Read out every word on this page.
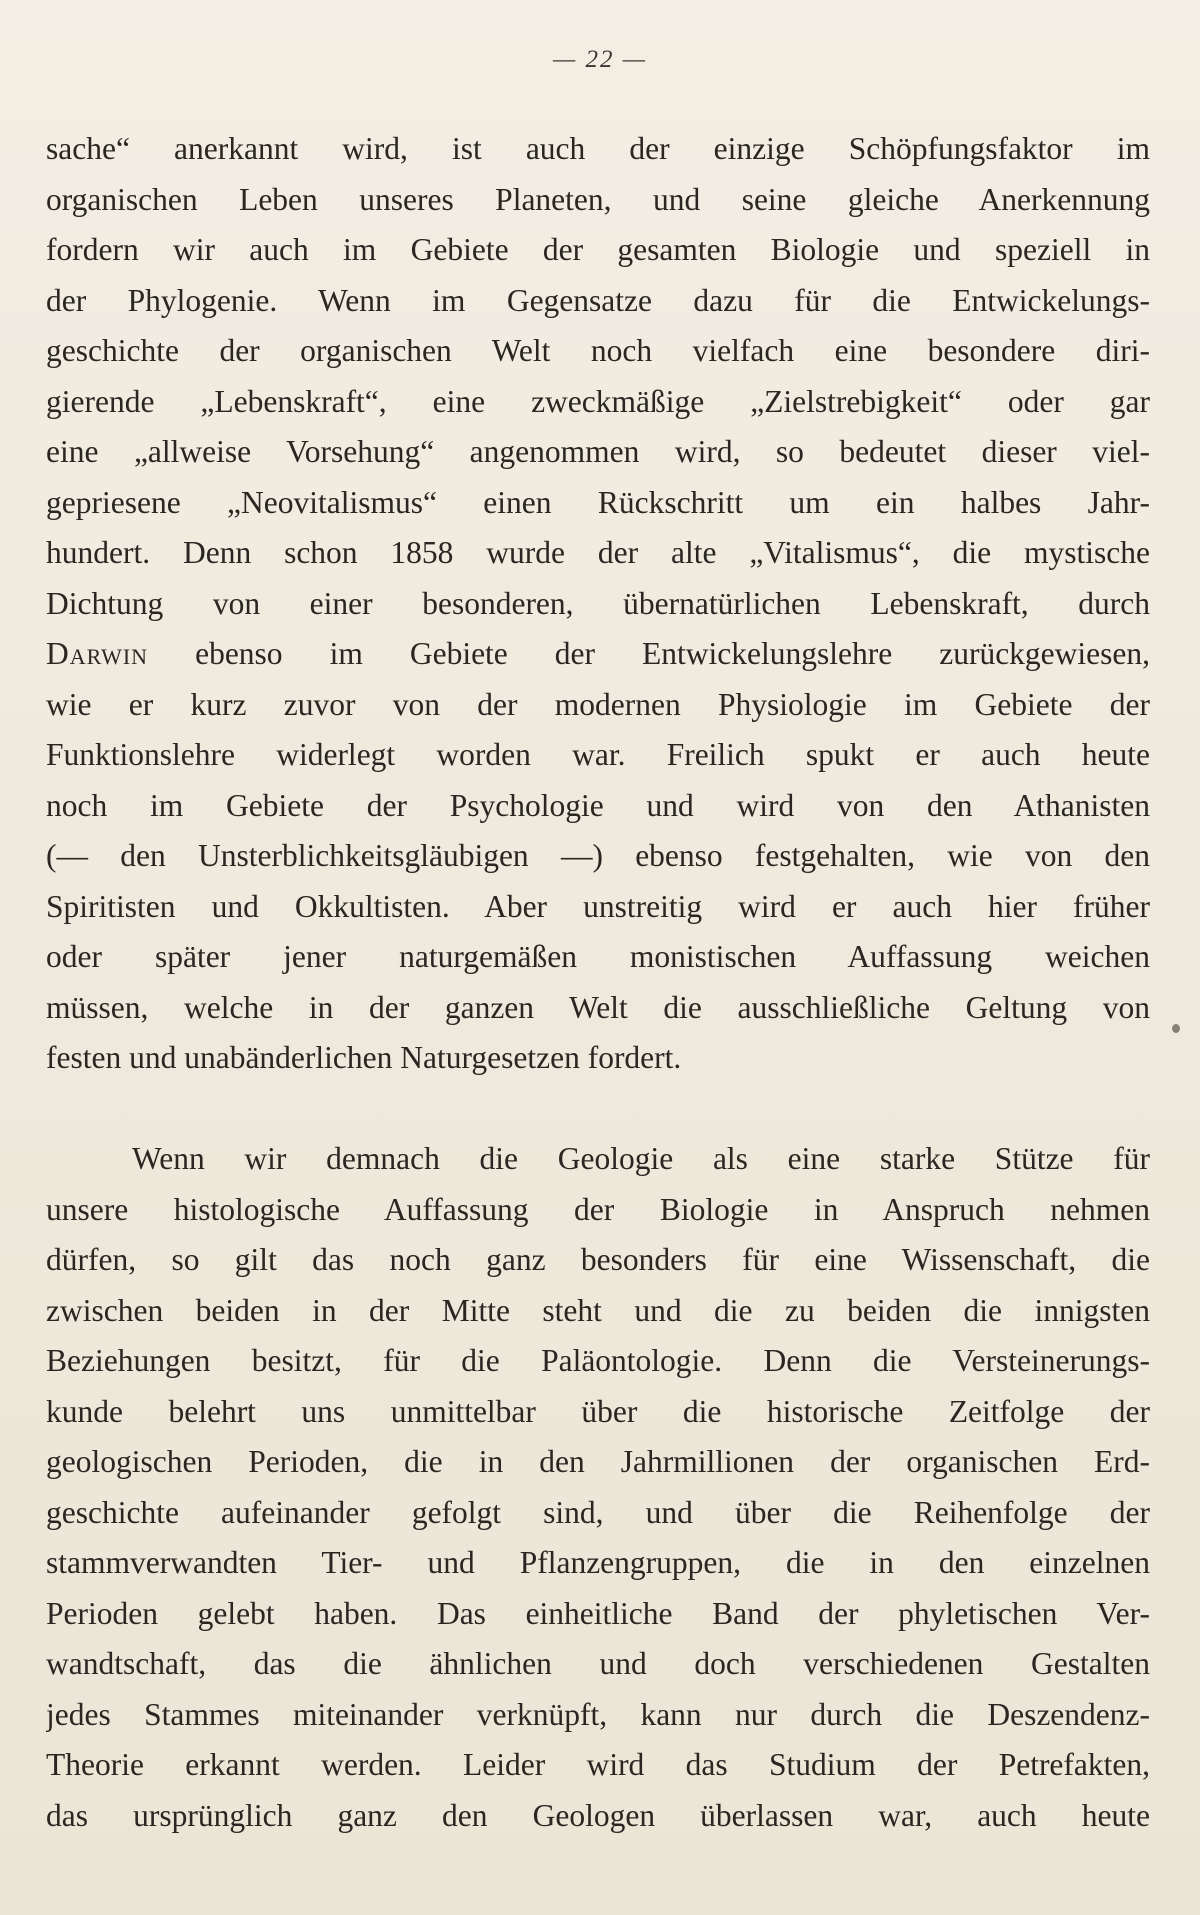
— 22 —
sache“ anerkannt wird, ist auch der einzige Schöpfungsfaktor im
organischen Leben unseres Planeten, und seine gleiche Anerkennung
fordern wir auch im Gebiete der gesamten Biologie und speziell in
der Phylogenie. Wenn im Gegensatze dazu für die Entwickelungs-
geschichte der organischen Welt noch vielfach eine besondere diri-
gierende „Lebenskraft“, eine zweckmäßige „Zielstrebigkeit“ oder gar
eine „allweise Vorsehung“ angenommen wird, so bedeutet dieser viel-
gepriesene „Neovitalismus“ einen Rückschritt um ein halbes Jahr-
hundert. Denn schon 1858 wurde der alte „Vitalismus“, die mystische
Dichtung von einer besonderen, übernatürlichen Lebenskraft, durch
Darwin ebenso im Gebiete der Entwickelungslehre zurückgewiesen,
wie er kurz zuvor von der modernen Physiologie im Gebiete der
Funktionslehre widerlegt worden war. Freilich spukt er auch heute
noch im Gebiete der Psychologie und wird von den Athanisten
(— den Unsterblichkeitsgläubigen —) ebenso festgehalten, wie von den
Spiritisten und Okkultisten. Aber unstreitig wird er auch hier früher
oder später jener naturgemäßen monistischen Auffassung weichen
müssen, welche in der ganzen Welt die ausschließliche Geltung von
festen und unabänderlichen Naturgesetzen fordert.
Wenn wir demnach die Geologie als eine starke Stütze für
unsere histologische Auffassung der Biologie in Anspruch nehmen
dürfen, so gilt das noch ganz besonders für eine Wissenschaft, die
zwischen beiden in der Mitte steht und die zu beiden die innigsten
Beziehungen besitzt, für die Paläontologie. Denn die Versteinerungs-
kunde belehrt uns unmittelbar über die historische Zeitfolge der
geologischen Perioden, die in den Jahrmillionen der organischen Erd-
geschichte aufeinander gefolgt sind, und über die Reihenfolge der
stammverwandten Tier- und Pflanzengruppen, die in den einzelnen
Perioden gelebt haben. Das einheitliche Band der phyletischen Ver-
wandtschaft, das die ähnlichen und doch verschiedenen Gestalten
jedes Stammes miteinander verknüpft, kann nur durch die Deszendenz-
Theorie erkannt werden. Leider wird das Studium der Petrefakten,
das ursprünglich ganz den Geologen überlassen war, auch heute
